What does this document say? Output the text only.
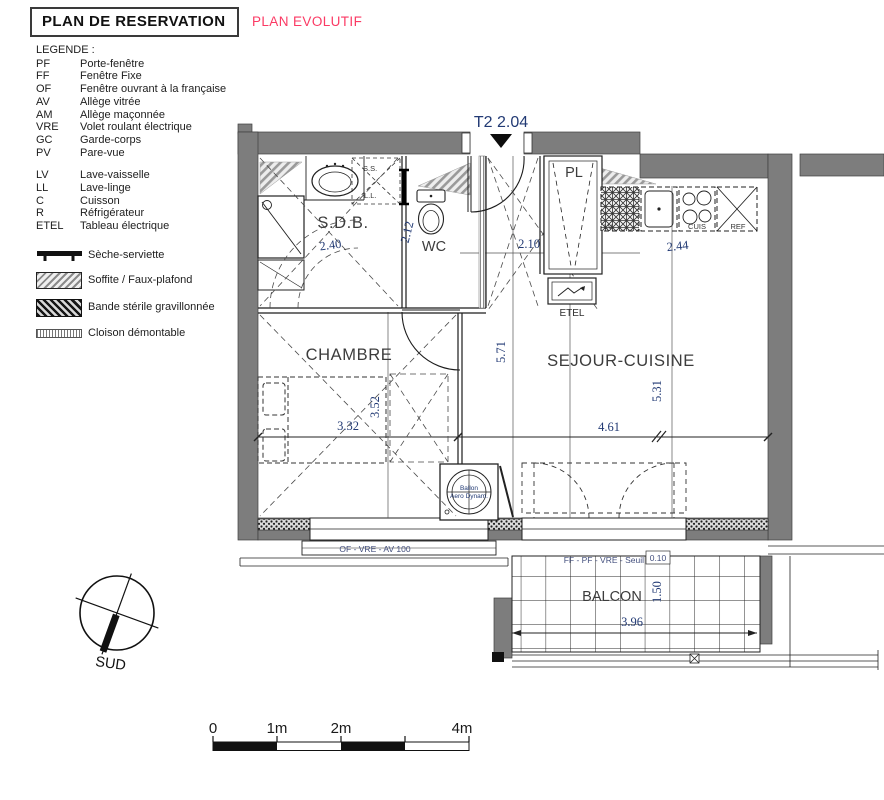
PLAN DE RESERVATION	PLAN EVOLUTIF
LEGENDE :
PF	Porte-fenêtre
FF	Fenêtre Fixe
OF	Fenêtre ouvrant à la française
AV	Allège vitrée
AM	Allège maçonnée
VRE	Volet roulant électrique
GC	Garde-corps
PV	Pare-vue
LV	Lave-vaisselle
LL	Lave-linge
C	Cuisson
R	Réfrigérateur
ETEL	Tableau électrique
Sèche-serviette
Soffite / Faux-plafond
Bande stérile gravillonnée
Cloison démontable
S.D.B.
2.40
2.12
S.S.
L.L.
WC	2.10
T2 2.04
PL
ETEL
LV	CUIS	REF
2.44
SEJOUR-CUISINE
5.71
5.31
4.61
Ballon
Aero Dynam.
CHAMBRE
3.32
3.52
FF - PF - VRE - Seuil 0.10
BALCON 1.50
3.96
OF - VRE - AV 100
SUD
0	1m	2m	4m
